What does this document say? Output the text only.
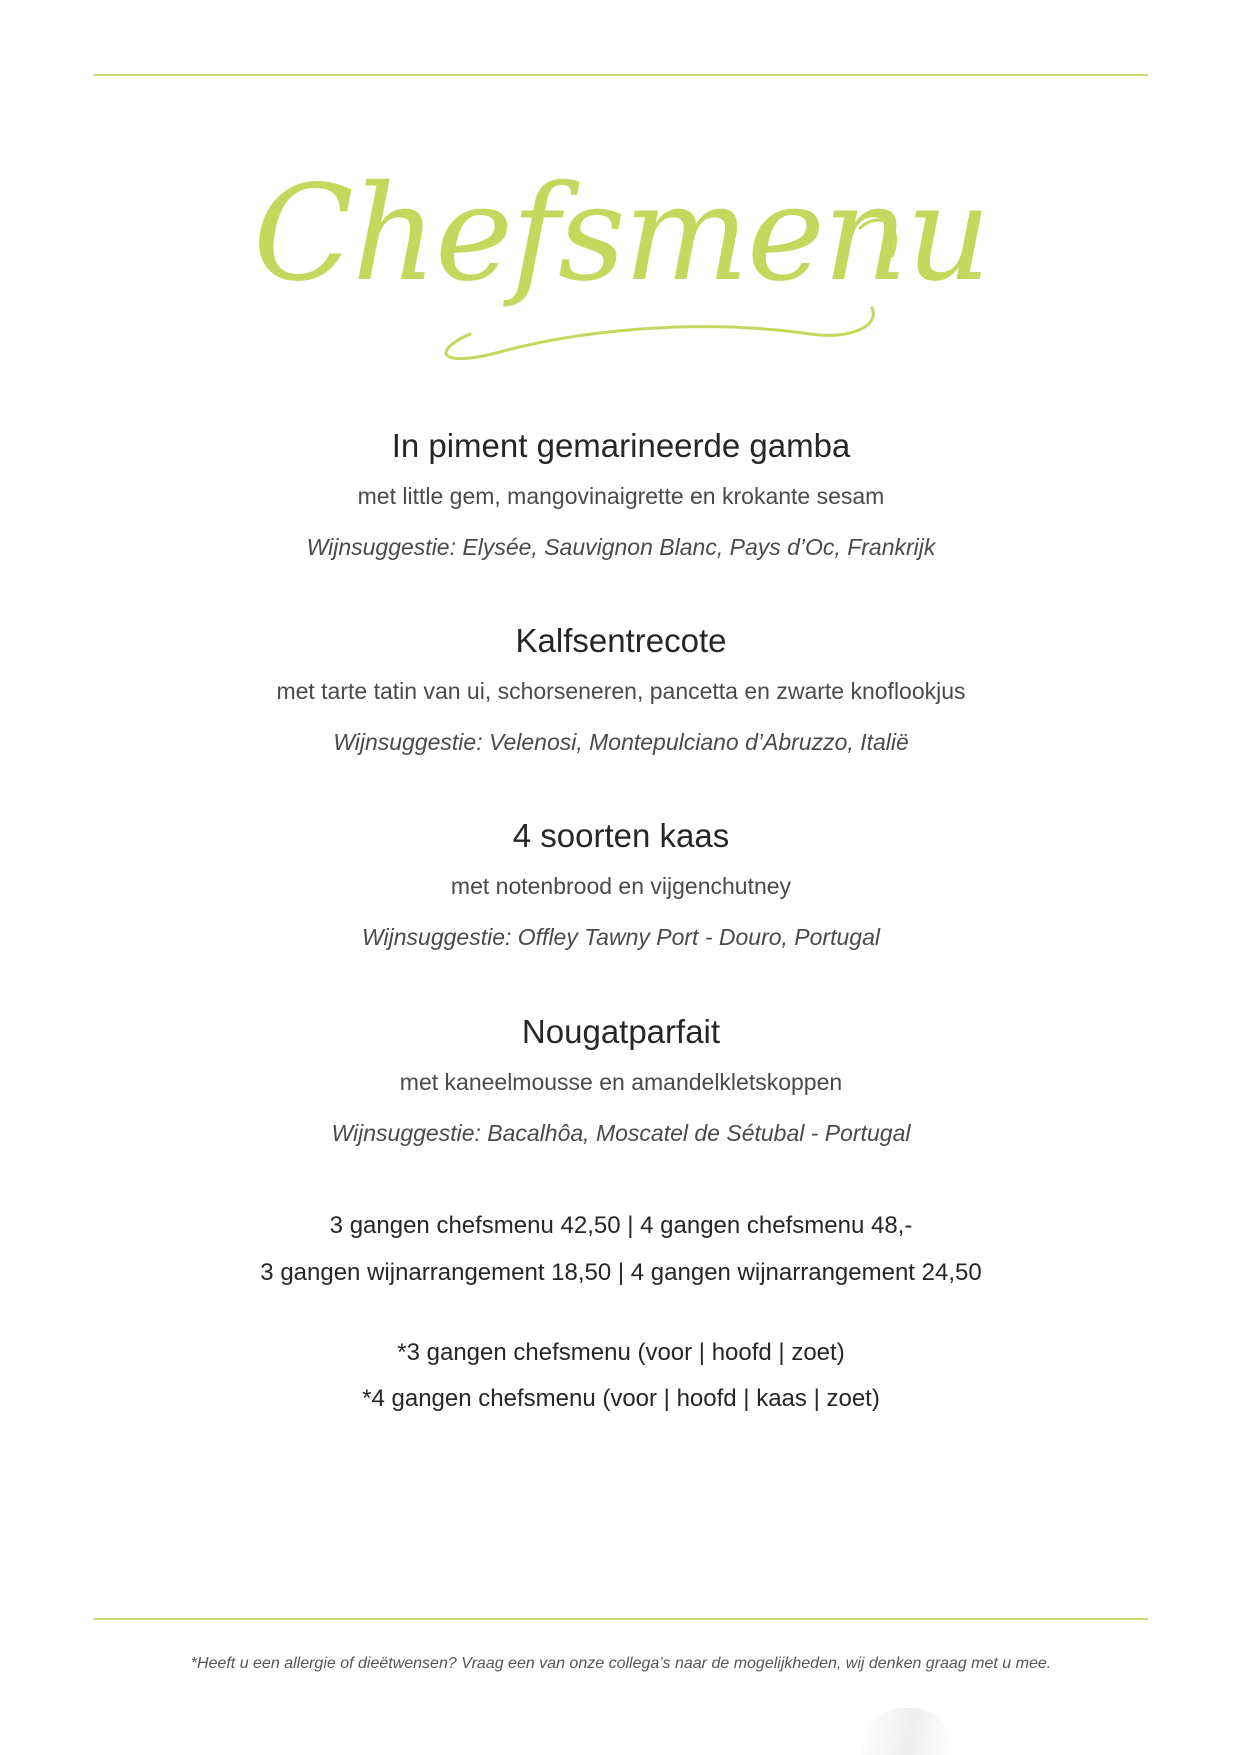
Chefsmenu
In piment gemarineerde gamba
met little gem, mangovinaigrette en krokante sesam
Wijnsuggestie: Elysée, Sauvignon Blanc, Pays d’Oc, Frankrijk
Kalfsentrecote
met tarte tatin van ui, schorseneren, pancetta en zwarte knoflookjus
Wijnsuggestie: Velenosi, Montepulciano d’Abruzzo, Italië
4 soorten kaas
met notenbrood en vijgenchutney
Wijnsuggestie: Offley Tawny Port - Douro, Portugal
Nougatparfait
met kaneelmousse en amandelkletskoppen
Wijnsuggestie: Bacalhôa, Moscatel de Sétubal - Portugal
3 gangen chefsmenu 42,50 | 4 gangen chefsmenu 48,-
3 gangen wijnarrangement 18,50 | 4 gangen wijnarrangement 24,50
*3 gangen chefsmenu (voor | hoofd | zoet)
*4 gangen chefsmenu (voor | hoofd | kaas | zoet)
*Heeft u een allergie of dieëtwensen? Vraag een van onze collega’s naar de mogelijkheden, wij denken graag met u mee.
